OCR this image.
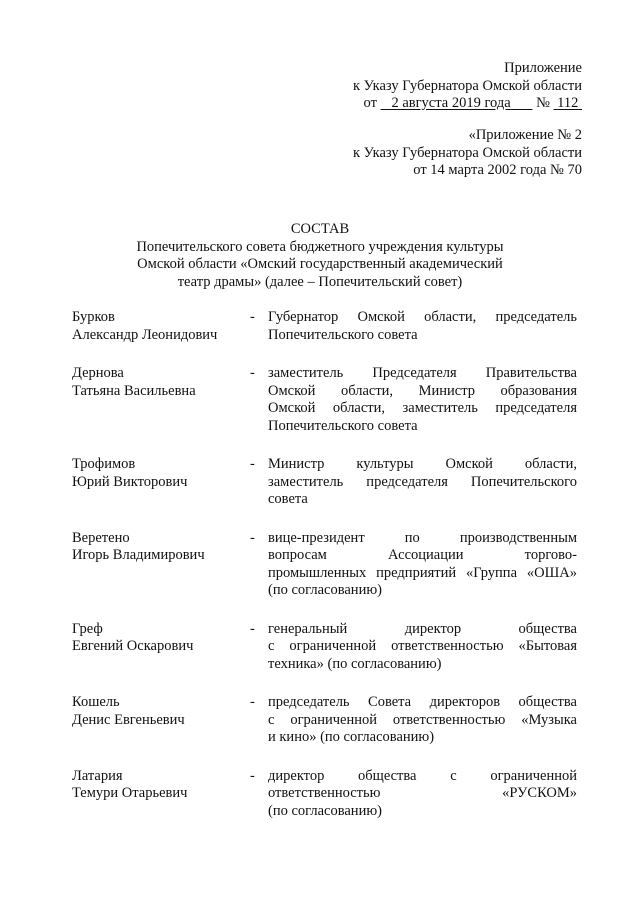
Приложение
к Указу Губернатора Омской области
от 2 августа 2019 года № 112
«Приложение № 2
к Указу Губернатора Омской области
от 14 марта 2002 года № 70
СОСТАВ
Попечительского совета бюджетного учреждения культуры
Омской области «Омский государственный академический
театр драмы» (далее – Попечительский совет)
Бурков
Александр Леонидович
- Губернатор Омской области, председатель
Попечительского совета
Дернова
Татьяна Васильевна
- заместитель Председателя Правительства
Омской области, Министр образования
Омской области, заместитель председателя
Попечительского совета
Трофимов
Юрий Викторович
- Министр культуры Омской области,
заместитель председателя Попечительского
совета
Веретено
Игорь Владимирович
- вице-президент по производственным
вопросам Ассоциации торгово-
промышленных предприятий «Группа «ОША»
(по согласованию)
Греф
Евгений Оскарович
- генеральный директор общества
с ограниченной ответственностью «Бытовая
техника» (по согласованию)
Кошель
Денис Евгеньевич
- председатель Совета директоров общества
с ограниченной ответственностью «Музыка
и кино» (по согласованию)
Латария
Темури Отарьевич
- директор общества с ограниченной
ответственностью «РУСКОМ»
(по согласованию)
